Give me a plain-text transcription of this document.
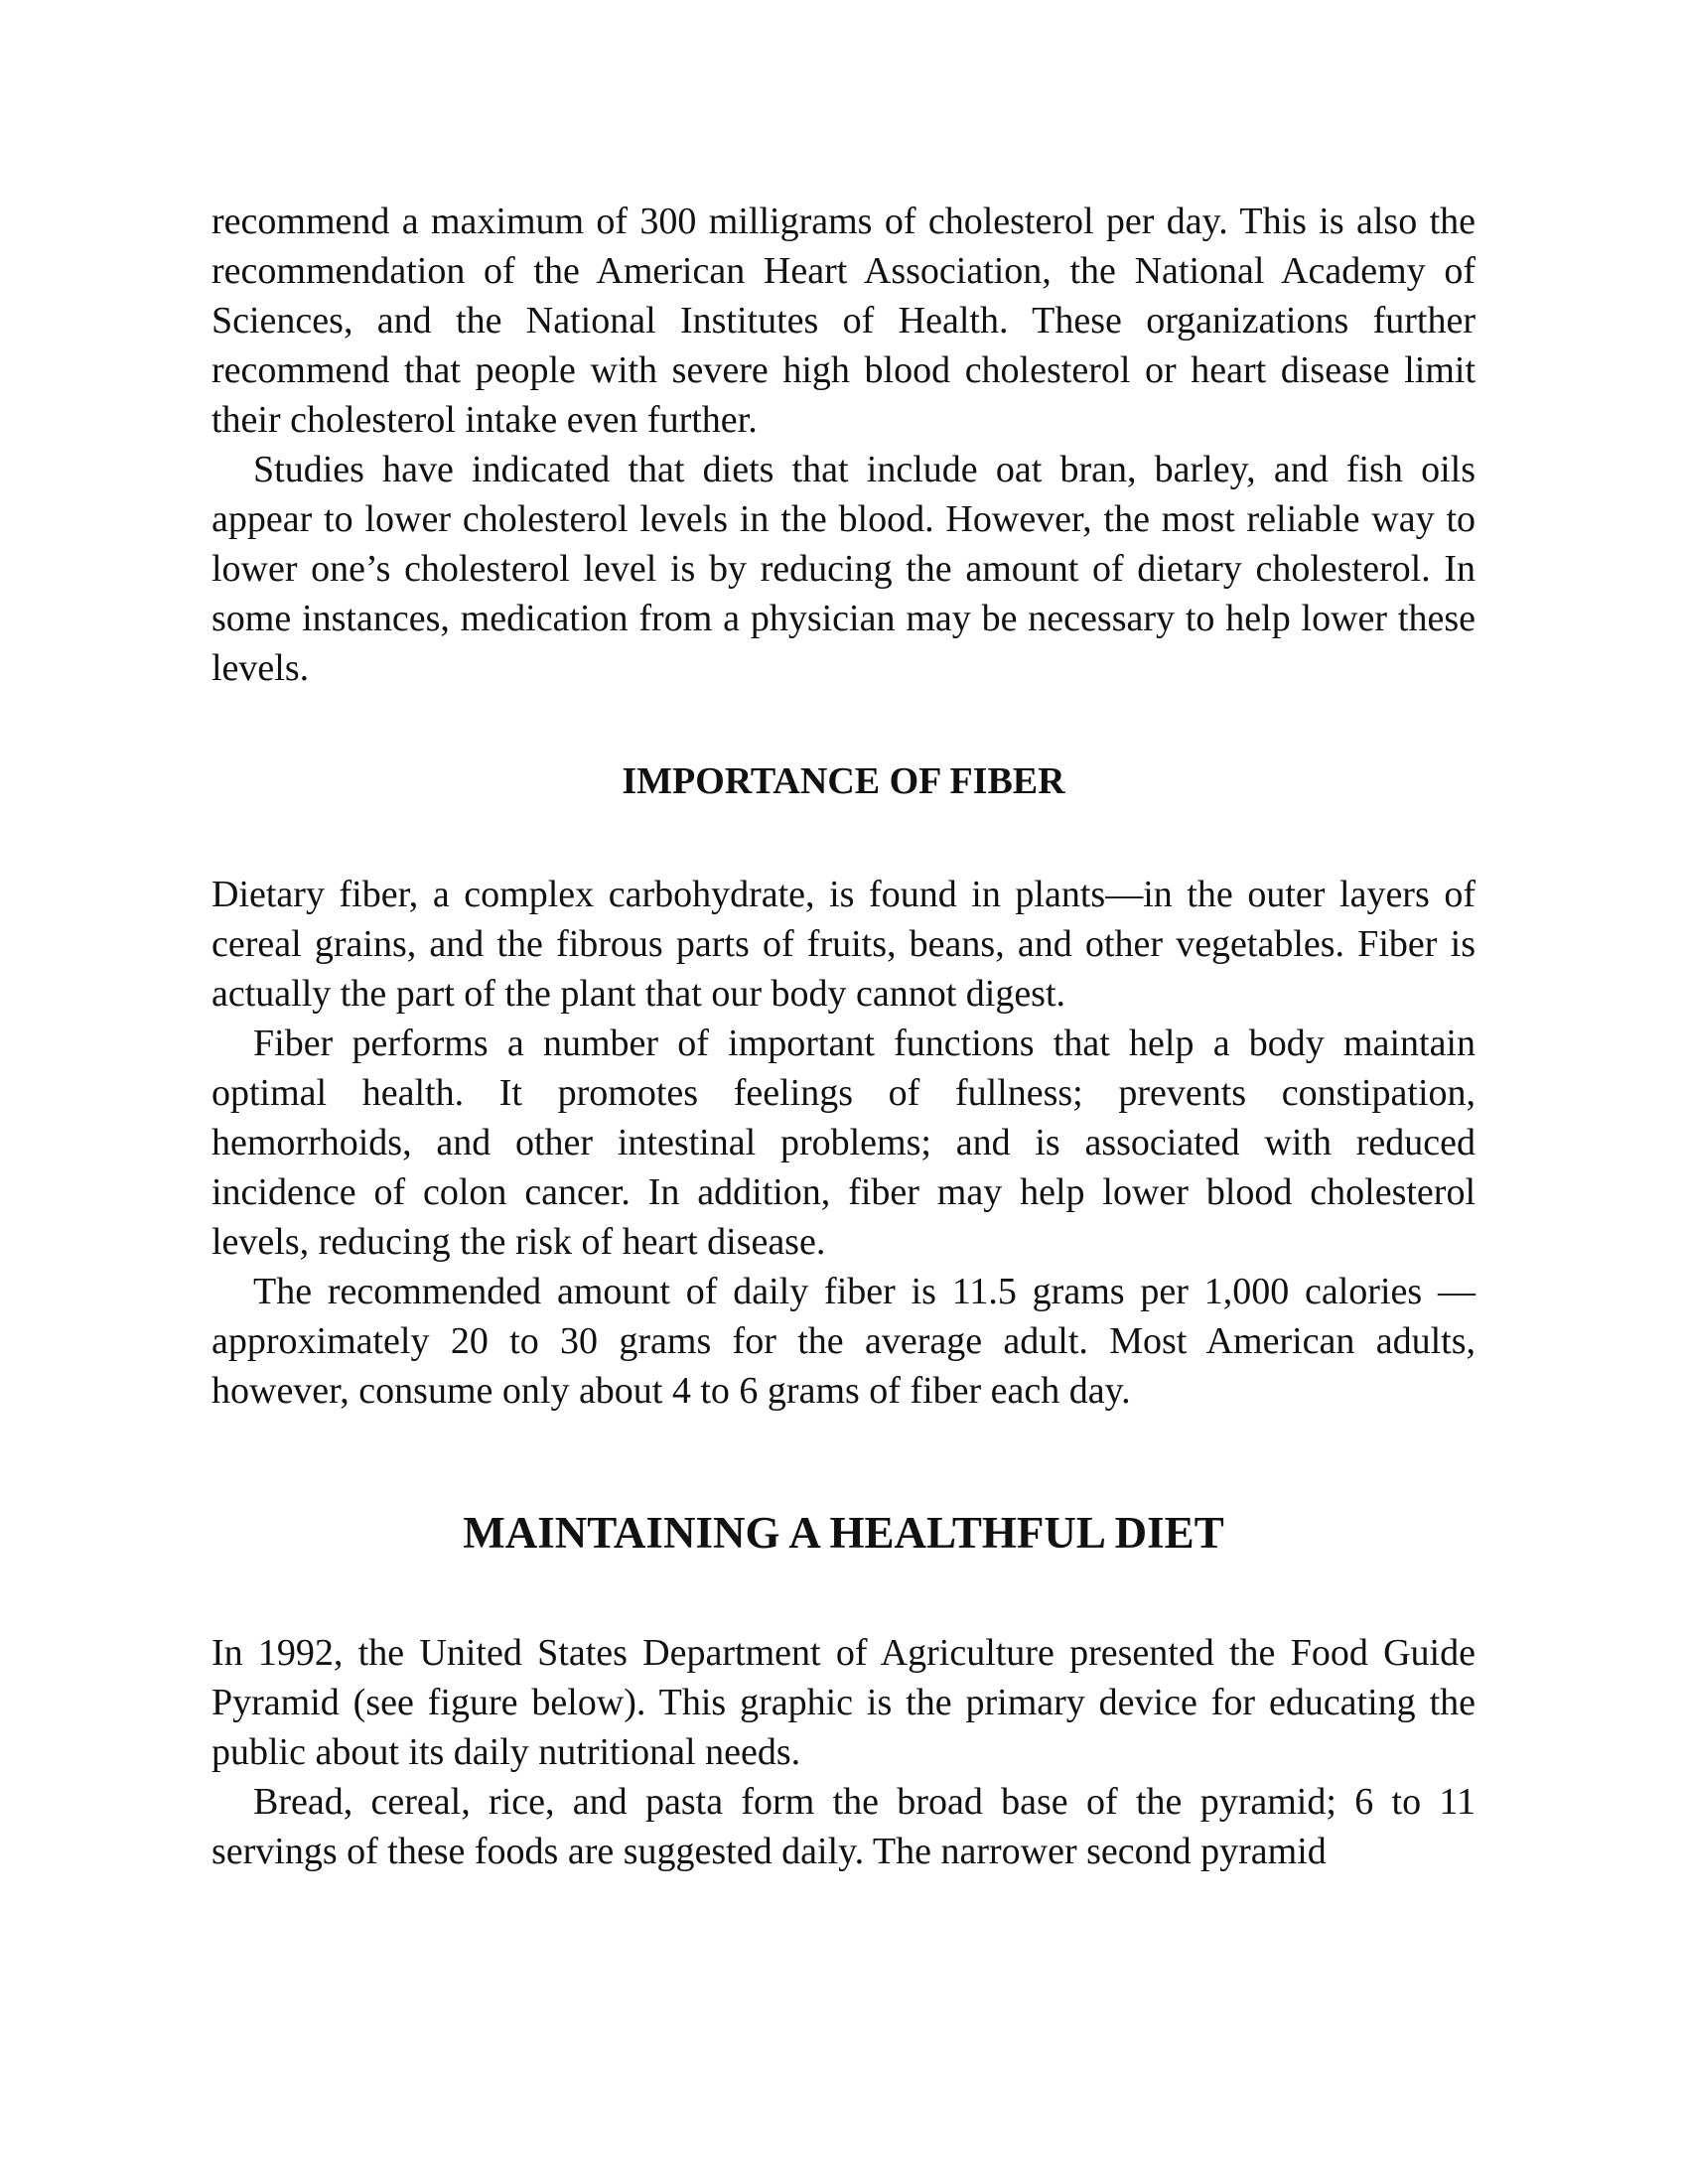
recommend a maximum of 300 milligrams of cholesterol per day. This is also the recommendation of the American Heart Association, the National Academy of Sciences, and the National Institutes of Health. These organizations further recommend that people with severe high blood cholesterol or heart disease limit their cholesterol intake even further.

Studies have indicated that diets that include oat bran, barley, and fish oils appear to lower cholesterol levels in the blood. However, the most reliable way to lower one’s cholesterol level is by reducing the amount of dietary cholesterol. In some instances, medication from a physician may be necessary to help lower these levels.

IMPORTANCE OF FIBER

Dietary fiber, a complex carbohydrate, is found in plants—in the outer layers of cereal grains, and the fibrous parts of fruits, beans, and other vegetables. Fiber is actually the part of the plant that our body cannot digest.

Fiber performs a number of important functions that help a body maintain optimal health. It promotes feelings of fullness; prevents constipation, hemorrhoids, and other intestinal problems; and is associated with reduced incidence of colon cancer. In addition, fiber may help lower blood cholesterol levels, reducing the risk of heart disease.

The recommended amount of daily fiber is 11.5 grams per 1,000 calories —approximately 20 to 30 grams for the average adult. Most American adults, however, consume only about 4 to 6 grams of fiber each day.

MAINTAINING A HEALTHFUL DIET

In 1992, the United States Department of Agriculture presented the Food Guide Pyramid (see figure below). This graphic is the primary device for educating the public about its daily nutritional needs.

Bread, cereal, rice, and pasta form the broad base of the pyramid; 6 to 11 servings of these foods are suggested daily. The narrower second pyramid
